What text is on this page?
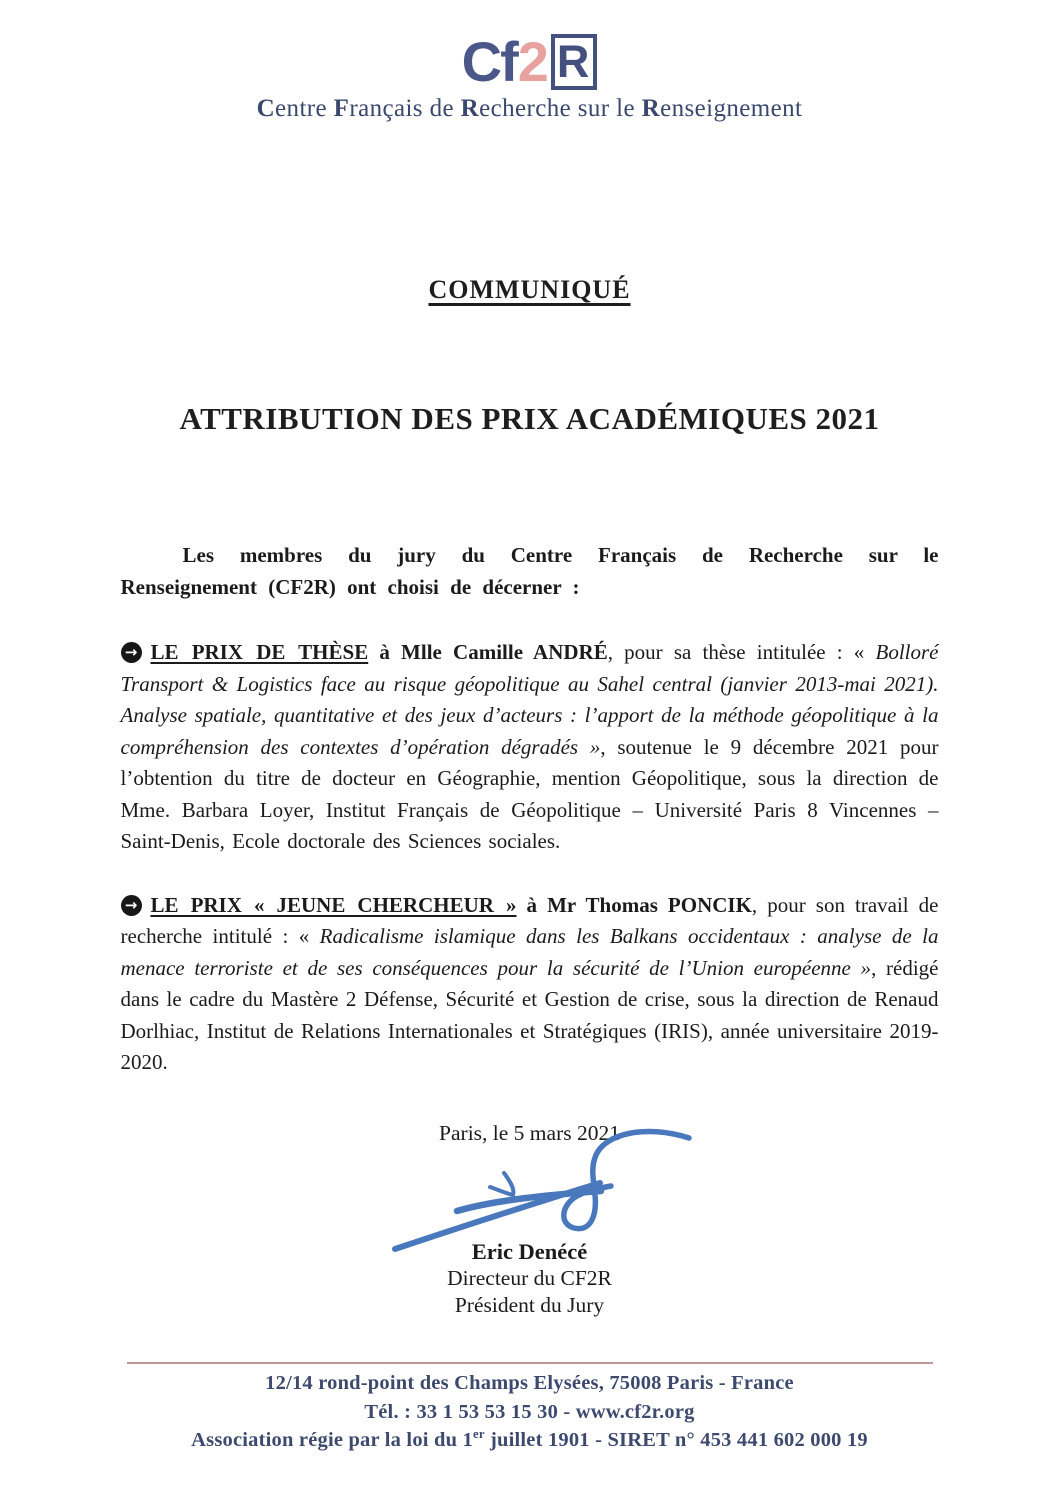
Cf 2 R
Centre Français de Recherche sur le Renseignement
COMMUNIQUÉ
ATTRIBUTION DES PRIX ACADÉMIQUES 2021

Les membres du jury du Centre Français de Recherche sur le Renseignement (CF2R) ont choisi de décerner :

→ LE PRIX DE THÈSE à Mlle Camille ANDRÉ, pour sa thèse intitulée : « Bolloré Transport & Logistics face au risque géopolitique au Sahel central (janvier 2013-mai 2021). Analyse spatiale, quantitative et des jeux d’acteurs : l’apport de la méthode géopolitique à la compréhension des contextes d’opération dégradés », soutenue le 9 décembre 2021 pour l’obtention du titre de docteur en Géographie, mention Géopolitique, sous la direction de Mme. Barbara Loyer, Institut Français de Géopolitique – Université Paris 8 Vincennes – Saint-Denis, Ecole doctorale des Sciences sociales.

→ LE PRIX « JEUNE CHERCHEUR » à Mr Thomas PONCIK, pour son travail de recherche intitulé : « Radicalisme islamique dans les Balkans occidentaux : analyse de la menace terroriste et de ses conséquences pour la sécurité de l’Union européenne », rédigé dans le cadre du Mastère 2 Défense, Sécurité et Gestion de crise, sous la direction de Renaud Dorlhiac, Institut de Relations Internationales et Stratégiques (IRIS), année universitaire 2019-2020.

Paris, le 5 mars 2021

Eric Denécé
Directeur du CF2R
Président du Jury
12/14 rond-point des Champs Elysées, 75008 Paris - France
Tél. : 33 1 53 53 15 30 - www.cf2r.org
Association régie par la loi du 1er juillet 1901 - SIRET n° 453 441 602 000 19
